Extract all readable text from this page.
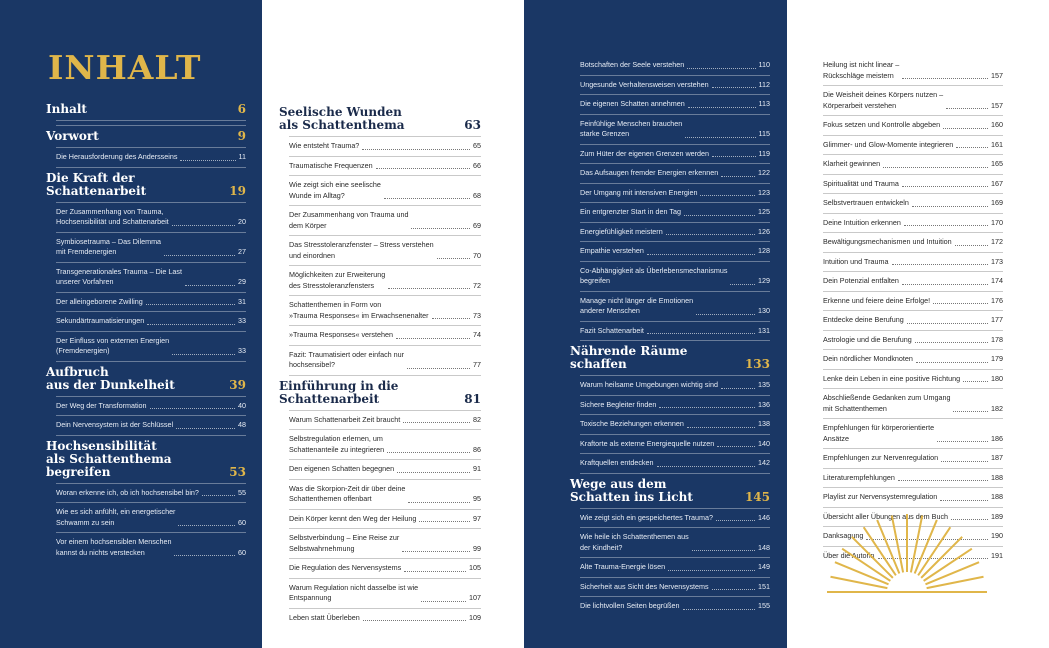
INHALT
Inhalt	6
Vorwort	9
Die Herausforderung des Andersseins	11
Die Kraft der
Schattenarbeit	19
Der Zusammenhang von Trauma,
Hochsensibilität und Schattenarbeit	20
Symbiosetrauma – Das Dilemma
mit Fremdenergien	27
Transgenerationales Trauma – Die Last
unserer Vorfahren	29
Der alleingeborene Zwilling	31
Sekundärtraumatisierungen	33
Der Einfluss von externen Energien
(Fremdenergien)	33
Aufbruch
aus der Dunkelheit	39
Der Weg der Transformation	40
Dein Nervensystem ist der Schlüssel	48
Hochsensibilität
als Schattenthema begreifen	53
Woran erkenne ich, ob ich hochsensibel bin?	55
Wie es sich anfühlt, ein energetischer
Schwamm zu sein	60
Vor einem hochsensiblen Menschen
kannst du nichts verstecken	60
Seelische Wunden
als Schattenthema	63
Wie entsteht Trauma?	65
Traumatische Frequenzen	66
Wie zeigt sich eine seelische
Wunde im Alltag?	68
Der Zusammenhang von Trauma und
dem Körper	69
Das Stresstoleranzfenster – Stress verstehen
und einordnen	70
Möglichkeiten zur Erweiterung
des Stresstoleranzfensters	72
Schattenthemen in Form von
»Trauma Responses« im Erwachsenenalter	73
»Trauma Responses« verstehen	74
Fazit: Traumatisiert oder einfach nur
hochsensibel?	77
Einführung in die
Schattenarbeit	81
Warum Schattenarbeit Zeit braucht	82
Selbstregulation erlernen, um
Schattenanteile zu integrieren	86
Den eigenen Schatten begegnen	91
Was die Skorpion-Zeit dir über deine
Schattenthemen offenbart	95
Dein Körper kennt den Weg der Heilung	97
Selbstverbindung – Eine Reise zur
Selbstwahrnehmung	99
Die Regulation des Nervensystems	105
Warum Regulation nicht dasselbe ist wie
Entspannung	107
Leben statt Überleben	109
Botschaften der Seele verstehen	110
Ungesunde Verhaltensweisen verstehen	112
Die eigenen Schatten annehmen	113
Feinfühlige Menschen brauchen
starke Grenzen	115
Zum Hüter der eigenen Grenzen werden	119
Das Aufsaugen fremder Energien erkennen	122
Der Umgang mit intensiven Energien	123
Ein entgrenzter Start in den Tag	125
Energiefühligkeit meistern	126
Empathie verstehen	128
Co-Abhängigkeit als Überlebensmechanismus
begreifen	129
Manage nicht länger die Emotionen
anderer Menschen	130
Fazit Schattenarbeit	131
Nährende Räume
schaffen	133
Warum heilsame Umgebungen wichtig sind	135
Sichere Begleiter finden	136
Toxische Beziehungen erkennen	138
Kraftorte als externe Energiequelle nutzen	140
Kraftquellen entdecken	142
Wege aus dem
Schatten ins Licht	145
Wie zeigt sich ein gespeichertes Trauma?	146
Wie heile ich Schattenthemen aus
der Kindheit?	148
Alte Trauma-Energie lösen	149
Sicherheit aus Sicht des Nervensystems	151
Die lichtvollen Seiten begrüßen	155
Heilung ist nicht linear –
Rückschläge meistern	157
Die Weisheit deines Körpers nutzen –
Körperarbeit verstehen	157
Fokus setzen und Kontrolle abgeben	160
Glimmer- und Glow-Momente integrieren	161
Klarheit gewinnen	165
Spiritualität und Trauma	167
Selbstvertrauen entwickeln	169
Deine Intuition erkennen	170
Bewältigungsmechanismen und Intuition	172
Intuition und Trauma	173
Dein Potenzial entfalten	174
Erkenne und feiere deine Erfolge!	176
Entdecke deine Berufung	177
Astrologie und die Berufung	178
Dein nördlicher Mondknoten	179
Lenke dein Leben in eine positive Richtung	180
Abschließende Gedanken zum Umgang
mit Schattenthemen	182
Empfehlungen für körperorientierte
Ansätze	186
Empfehlungen zur Nervenregulation	187
Literaturempfehlungen	188
Playlist zur Nervensystemregulation	188
Übersicht aller Übungen aus dem Buch	189
Danksagung	190
Über die Autorin	191
